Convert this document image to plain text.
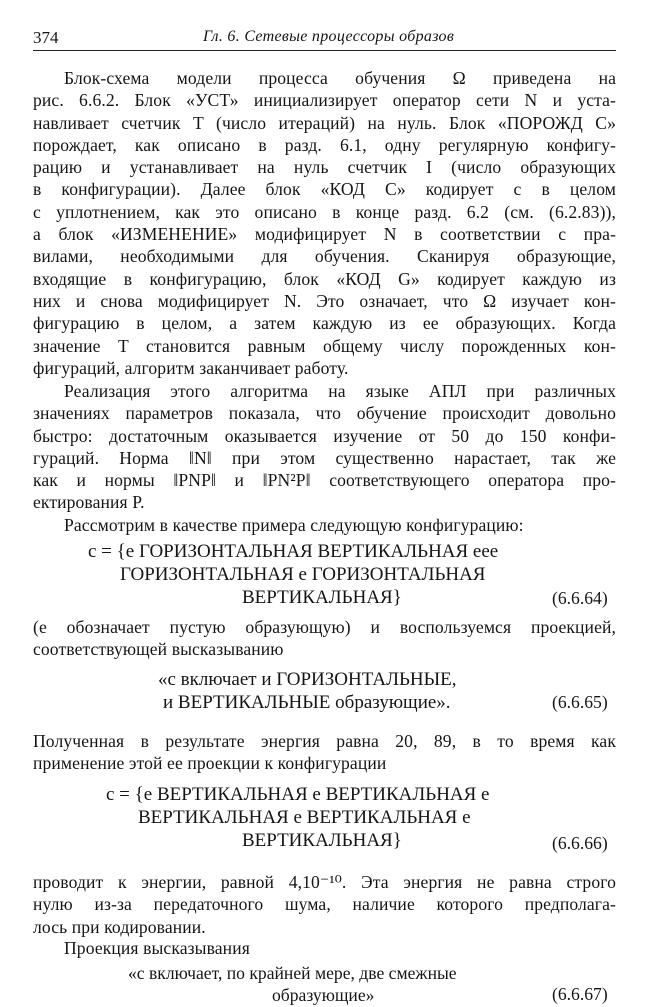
374	Гл. 6. Сетевые процессоры образов
Блок-схема модели процесса обучения Ω приведена на
рис. 6.6.2. Блок «УСТ» инициализирует оператор сети N и уста-
навливает счетчик T (число итераций) на нуль. Блок «ПОРОЖД С»
порождает, как описано в разд. 6.1, одну регулярную конфигу-
рацию и устанавливает на нуль счетчик I (число образующих
в конфигурации). Далее блок «КОД С» кодирует с в целом
с уплотнением, как это описано в конце разд. 6.2 (см. (6.2.83)),
а блок «ИЗМЕНЕНИЕ» модифицирует N в соответствии с пра-
вилами, необходимыми для обучения. Сканируя образующие,
входящие в конфигурацию, блок «КОД G» кодирует каждую из
них и снова модифицирует N. Это означает, что Ω изучает кон-
фигурацию в целом, а затем каждую из ее образующих. Когда
значение T становится равным общему числу порожденных кон-
фигураций, алгоритм заканчивает работу.
Реализация этого алгоритма на языке АПЛ при различных
значениях параметров показала, что обучение происходит довольно
быстро: достаточным оказывается изучение от 50 до 150 конфи-
гураций. Норма ‖N‖ при этом существенно нарастает, так же
как и нормы ‖PNP‖ и ‖PN²P‖ соответствующего оператора про-
ектирования P.
Рассмотрим в качестве примера следующую конфигурацию:
c = {e ГОРИЗОНТАЛЬНАЯ ВЕРТИКАЛЬНАЯ eee
ГОРИЗОНТАЛЬНАЯ e ГОРИЗОНТАЛЬНАЯ
ВЕРТИКАЛЬНАЯ}	(6.6.64)
(e обозначает пустую образующую) и воспользуемся проекцией,
соответствующей высказыванию
«c включает и ГОРИЗОНТАЛЬНЫЕ,
и ВЕРТИКАЛЬНЫЕ образующие».	(6.6.65)
Полученная в результате энергия равна 20, 89, в то время как
применение этой ее проекции к конфигурации
c = {e ВЕРТИКАЛЬНАЯ e ВЕРТИКАЛЬНАЯ e
ВЕРТИКАЛЬНАЯ e ВЕРТИКАЛЬНАЯ e
ВЕРТИКАЛЬНАЯ}	(6.6.66)
проводит к энергии, равной 4,10⁻¹⁰. Эта энергия не равна строго
нулю из-за передаточного шума, наличие которого предполага-
лось при кодировании.
Проекция высказывания
«c включает, по крайней мере, две смежные
образующие»	(6.6.67)
